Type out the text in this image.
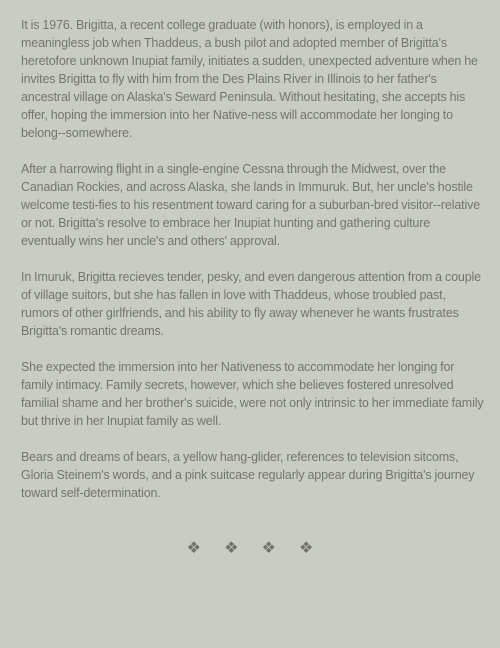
It is 1976. Brigitta, a recent college graduate (with honors), is employed in a meaningless job when Thaddeus, a bush pilot and adopted member of Brigitta's heretofore unknown Inupiat family, initiates a sudden, unexpected adventure when he invites Brigitta to fly with him from the Des Plains River in Illinois to her father's ancestral village on Alaska's Seward Peninsula. Without hesitating, she accepts his offer, hoping the immersion into her Native-ness will accommodate her longing to belong--somewhere.

After a harrowing flight in a single-engine Cessna through the Midwest, over the Canadian Rockies, and across Alaska, she lands in Immuruk. But, her uncle's hostile welcome testi-fies to his resentment toward caring for a suburban-bred visitor--relative or not. Brigitta's resolve to embrace her Inupiat hunting and gathering culture eventually wins her uncle's and others' approval.

In Imuruk, Brigitta recieves tender, pesky, and even dangerous attention from a couple of village suitors, but she has fallen in love with Thaddeus, whose troubled past, rumors of other girlfriends, and his ability to fly away whenever he wants frustrates Brigitta's romantic dreams.

She expected the immersion into her Nativeness to accommodate her longing for family intimacy. Family secrets, however, which she believes fostered unresolved familial shame and her brother's suicide, were not only intrinsic to her immediate family but thrive in her Inupiat family as well.

Bears and dreams of bears, a yellow hang-glider, references to television sitcoms, Gloria Steinem's words, and a pink suitcase regularly appear during Brigitta's journey toward self-determination.

❖ ❖ ❖ ❖
